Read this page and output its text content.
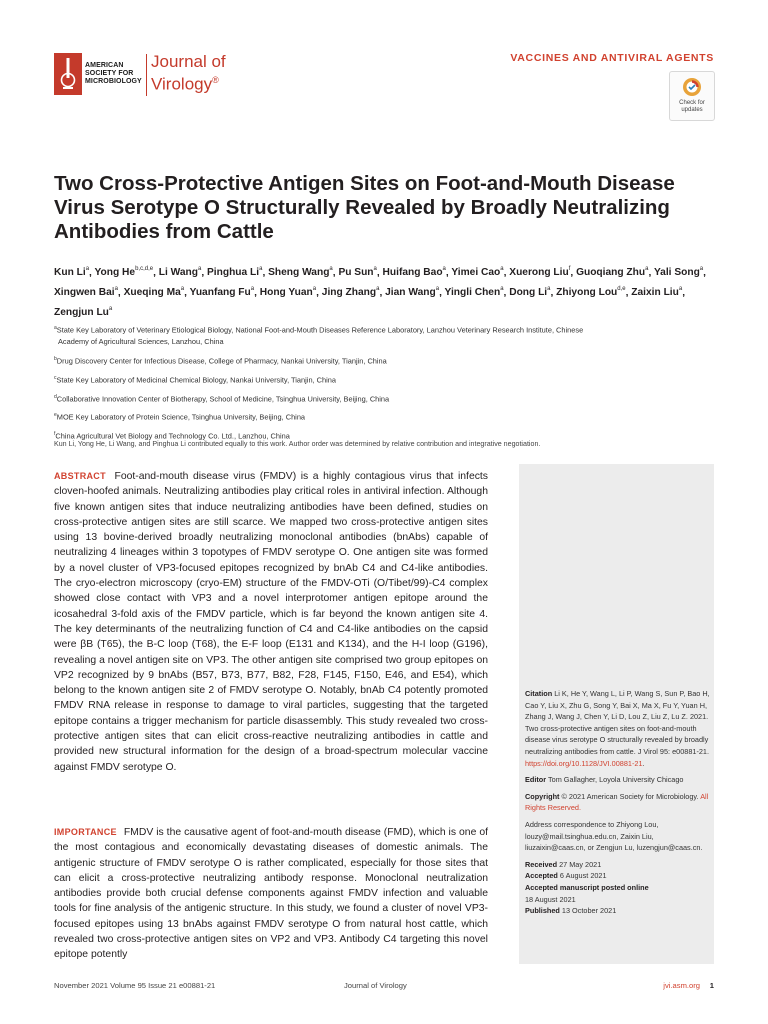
AMERICAN
SOCIETY FOR
MICROBIOLOGY
Journal of
Virology®
VACCINES AND ANTIVIRAL AGENTS
Check for updates
Two Cross-Protective Antigen Sites on Foot-and-Mouth Disease Virus Serotype O Structurally Revealed by Broadly Neutralizing Antibodies from Cattle
Kun Li$^a$, Yong He$^{b,c,d,e}$, Li Wang$^a$, Pinghua Li$^a$, Sheng Wang$^a$, Pu Sun$^a$, Huifang Bao$^a$, Yimei Cao$^a$, Xuerong Liu$^f$, Guoqiang Zhu$^a$, Yali Song$^a$, Xingwen Bai$^a$, Xueqing Ma$^a$, Yuanfang Fu$^a$, Hong Yuan$^a$, Jing Zhang$^a$, Jian Wang$^a$, Yingli Chen$^a$, Dong Li$^a$, Zhiyong Lou$^{d,e}$, Zaixin Liu$^a$, Zengjun Lu$^a$
$^a$State Key Laboratory of Veterinary Etiological Biology, National Foot-and-Mouth Diseases Reference Laboratory, Lanzhou Veterinary Research Institute, Chinese
Academy of Agricultural Sciences, Lanzhou, China
$^b$Drug Discovery Center for Infectious Disease, College of Pharmacy, Nankai University, Tianjin, China
$^c$State Key Laboratory of Medicinal Chemical Biology, Nankai University, Tianjin, China
$^d$Collaborative Innovation Center of Biotherapy, School of Medicine, Tsinghua University, Beijing, China
$^e$MOE Key Laboratory of Protein Science, Tsinghua University, Beijing, China
$^f$China Agricultural Vet Biology and Technology Co. Ltd., Lanzhou, China
Kun Li, Yong He, Li Wang, and Pinghua Li contributed equally to this work. Author order was determined by relative contribution and integrative negotiation.
Citation Li K, He Y, Wang L, Li P, Wang S, Sun P, Bao H, Cao Y, Liu X, Zhu G, Song Y, Bai X, Ma X, Fu Y, Yuan H, Zhang J, Wang J, Chen Y, Li D, Lou Z, Liu Z, Lu Z. 2021. Two cross-protective antigen sites on foot-and-mouth disease virus serotype O structurally revealed by broadly neutralizing antibodies from cattle. J Virol 95: e00881-21. https://doi.org/10.1128/JVI.00881-21.
Editor Tom Gallagher, Loyola University Chicago
Copyright © 2021 American Society for Microbiology. All Rights Reserved.
Address correspondence to Zhiyong Lou, louzy@mail.tsinghua.edu.cn, Zaixin Liu, liuzaixin@caas.cn, or Zengjun Lu, luzengjun@caas.cn.
Received 27 May 2021
Accepted 6 August 2021
Accepted manuscript posted online
18 August 2021
Published 13 October 2021
ABSTRACT Foot-and-mouth disease virus (FMDV) is a highly contagious virus that infects cloven-hoofed animals. Neutralizing antibodies play critical roles in antiviral infection. Although five known antigen sites that induce neutralizing antibodies have been defined, studies on cross-protective antigen sites are still scarce. We mapped two cross-protective antigen sites using 13 bovine-derived broadly neutralizing monoclonal antibodies (bnAbs) capable of neutralizing 4 lineages within 3 topotypes of FMDV serotype O. One antigen site was formed by a novel cluster of VP3-focused epitopes recognized by bnAb C4 and C4-like antibodies. The cryo-electron microscopy (cryo-EM) structure of the FMDV-OTi (O/Tibet/99)-C4 complex showed close contact with VP3 and a novel interprotomer antigen epitope around the icosahedral 3-fold axis of the FMDV particle, which is far beyond the known antigen site 4. The key determinants of the neutralizing function of C4 and C4-like antibodies on the capsid were βB (T65), the B-C loop (T68), the E-F loop (E131 and K134), and the H-I loop (G196), revealing a novel antigen site on VP3. The other antigen site comprised two group epitopes on VP2 recognized by 9 bnAbs (B57, B73, B77, B82, F28, F145, F150, E46, and E54), which belong to the known antigen site 2 of FMDV serotype O. Notably, bnAb C4 potently promoted FMDV RNA release in response to damage to viral particles, suggesting that the targeted epitope contains a trigger mechanism for particle disassembly. This study revealed two cross-protective antigen sites that can elicit cross-reactive neutralizing antibodies in cattle and provided new structural information for the design of a broad-spectrum molecular vaccine against FMDV serotype O.
IMPORTANCE FMDV is the causative agent of foot-and-mouth disease (FMD), which is one of the most contagious and economically devastating diseases of domestic animals. The antigenic structure of FMDV serotype O is rather complicated, especially for those sites that can elicit a cross-protective neutralizing antibody response. Monoclonal neutralization antibodies provide both crucial defense components against FMDV infection and valuable tools for fine analysis of the antigenic structure. In this study, we found a cluster of novel VP3-focused epitopes using 13 bnAbs against FMDV serotype O from natural host cattle, which revealed two cross-protective antigen sites on VP2 and VP3. Antibody C4 targeting this novel epitope potently
November 2021 Volume 95 Issue 21 e00881-21	Journal of Virology	jvi.asm.org 1
